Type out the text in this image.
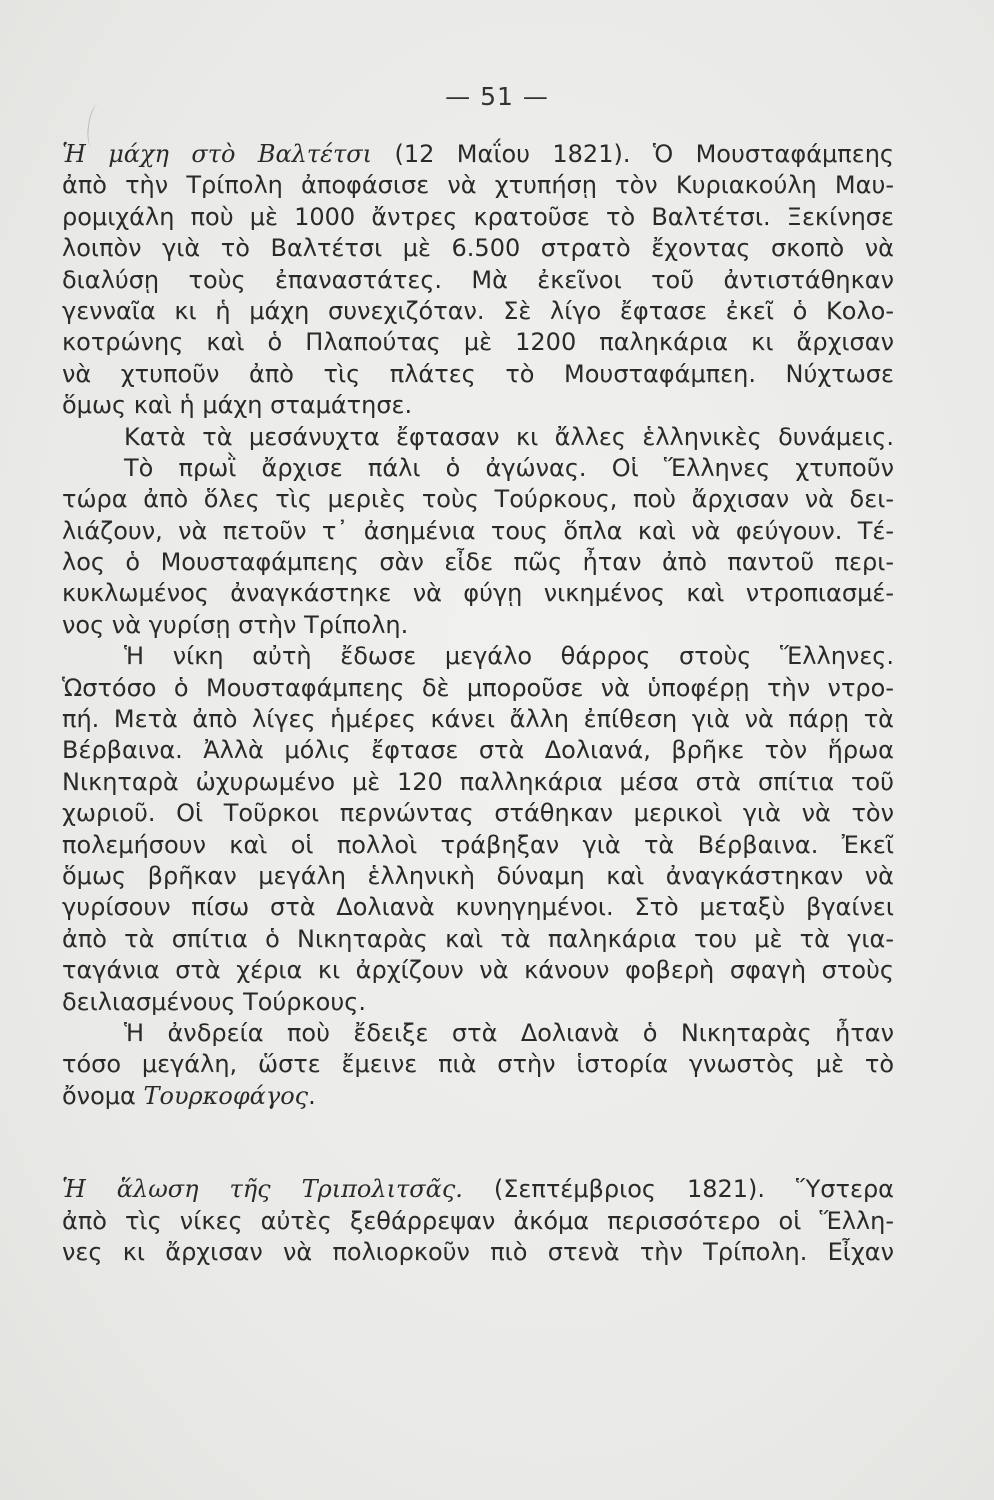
— 51 —
Ἡ μάχη στὸ Βαλτέτσι (12 Μαΐου 1821). Ὁ Μουσταφάμπεης
ἀπὸ τὴν Τρίπολη ἀποφάσισε νὰ χτυπήσῃ τὸν Κυριακούλη Μαυ-
ρομιχάλη ποὺ μὲ 1000 ἄντρες κρατοῦσε τὸ Βαλτέτσι. Ξεκίνησε
λοιπὸν γιὰ τὸ Βαλτέτσι μὲ 6.500 στρατὸ ἔχοντας σκοπὸ νὰ
διαλύσῃ τοὺς ἐπαναστάτες. Μὰ ἐκεῖνοι τοῦ ἀντιστάθηκαν
γενναῖα κι ἡ μάχη συνεχιζόταν. Σὲ λίγο ἔφτασε ἐκεῖ ὁ Κολο-
κοτρώνης καὶ ὁ Πλαπούτας μὲ 1200 παληκάρια κι ἄρχισαν
νὰ χτυποῦν ἀπὸ τὶς πλάτες τὸ Μουσταφάμπεη. Νύχτωσε
ὅμως καὶ ἡ μάχη σταμάτησε.
Κατὰ τὰ μεσάνυχτα ἔφτασαν κι ἄλλες ἑλληνικὲς δυνάμεις.
Τὸ πρωῒ ἄρχισε πάλι ὁ ἀγώνας. Οἱ Ἕλληνες χτυποῦν
τώρα ἀπὸ ὅλες τὶς μεριὲς τοὺς Τούρκους, ποὺ ἄρχισαν νὰ δει-
λιάζουν, νὰ πετοῦν τ᾽ ἀσημένια τους ὅπλα καὶ νὰ φεύγουν. Τέ-
λος ὁ Μουσταφάμπεης σὰν εἶδε πῶς ἦταν ἀπὸ παντοῦ περι-
κυκλωμένος ἀναγκάστηκε νὰ φύγῃ νικημένος καὶ ντροπιασμέ-
νος νὰ γυρίσῃ στὴν Τρίπολη.
Ἡ νίκη αὐτὴ ἔδωσε μεγάλο θάρρος στοὺς Ἕλληνες.
Ὡστόσο ὁ Μουσταφάμπεης δὲ μποροῦσε νὰ ὑποφέρῃ τὴν ντρο-
πή. Μετὰ ἀπὸ λίγες ἡμέρες κάνει ἄλλη ἐπίθεση γιὰ νὰ πάρῃ τὰ
Βέρβαινα. Ἀλλὰ μόλις ἔφτασε στὰ Δολιανά, βρῆκε τὸν ἥρωα
Νικηταρὰ ὠχυρωμένο μὲ 120 παλληκάρια μέσα στὰ σπίτια τοῦ
χωριοῦ. Οἱ Τοῦρκοι περνώντας στάθηκαν μερικοὶ γιὰ νὰ τὸν
πολεμήσουν καὶ οἱ πολλοὶ τράβηξαν γιὰ τὰ Βέρβαινα. Ἐκεῖ
ὅμως βρῆκαν μεγάλη ἑλληνικὴ δύναμη καὶ ἀναγκάστηκαν νὰ
γυρίσουν πίσω στὰ Δολιανὰ κυνηγημένοι. Στὸ μεταξὺ βγαίνει
ἀπὸ τὰ σπίτια ὁ Νικηταρὰς καὶ τὰ παληκάρια του μὲ τὰ για-
ταγάνια στὰ χέρια κι ἀρχίζουν νὰ κάνουν φοβερὴ σφαγὴ στοὺς
δειλιασμένους Τούρκους.
Ἡ ἀνδρεία ποὺ ἔδειξε στὰ Δολιανὰ ὁ Νικηταρὰς ἦταν
τόσο μεγάλη, ὥστε ἔμεινε πιὰ στὴν ἱστορία γνωστὸς μὲ τὸ
ὄνομα Τουρκοφάγος.
Ἡ ἅλωση τῆς Τριπολιτσᾶς. (Σεπτέμβριος 1821). Ὕστερα
ἀπὸ τὶς νίκες αὐτὲς ξεθάρρεψαν ἀκόμα περισσότερο οἱ Ἕλλη-
νες κι ἄρχισαν νὰ πολιορκοῦν πιὸ στενὰ τὴν Τρίπολη. Εἶχαν
